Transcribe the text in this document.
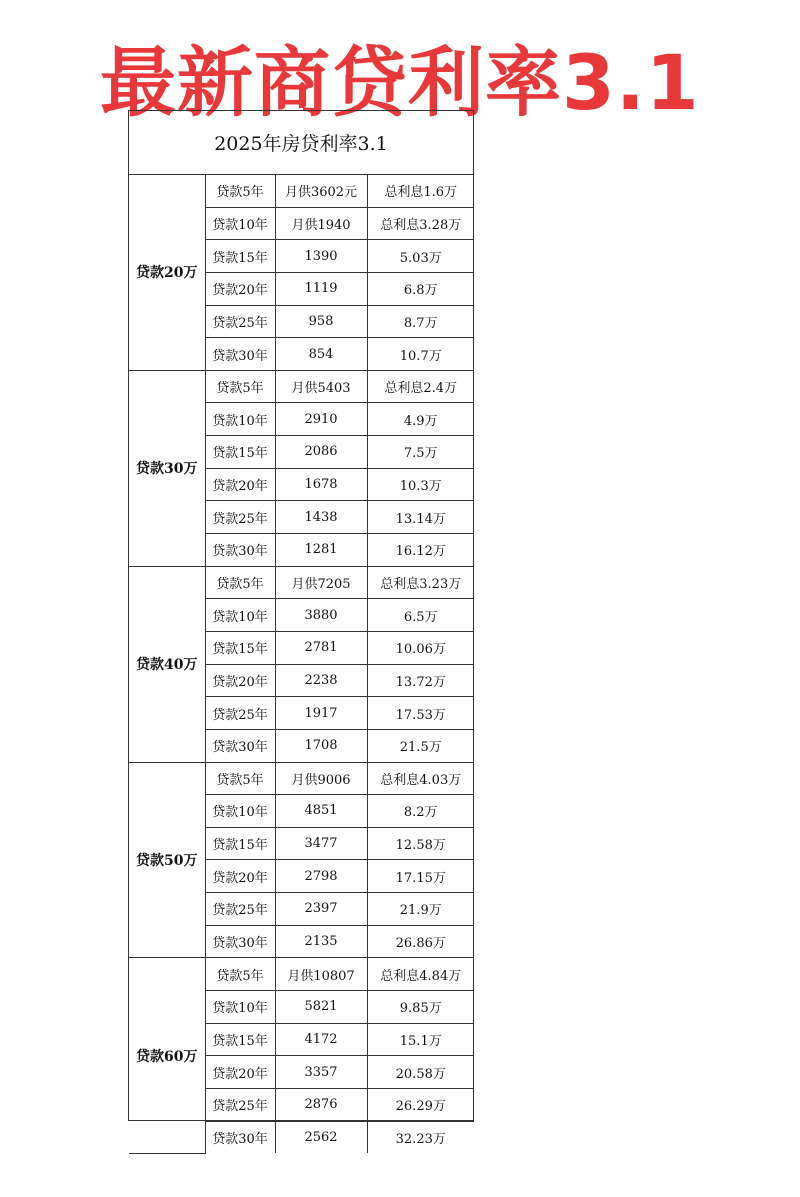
最新商贷利率3.1
2025年房贷利率3.1
贷款20万	贷款5年	月供3602元	总利息1.6万
	贷款10年	月供1940	总利息3.28万
	贷款15年	1390	5.03万
	贷款20年	1119	6.8万
	贷款25年	958	8.7万
	贷款30年	854	10.7万
贷款30万	贷款5年	月供5403	总利息2.4万
	贷款10年	2910	4.9万
	贷款15年	2086	7.5万
	贷款20年	1678	10.3万
	贷款25年	1438	13.14万
	贷款30年	1281	16.12万
贷款40万	贷款5年	月供7205	总利息3.23万
	贷款10年	3880	6.5万
	贷款15年	2781	10.06万
	贷款20年	2238	13.72万
	贷款25年	1917	17.53万
	贷款30年	1708	21.5万
贷款50万	贷款5年	月供9006	总利息4.03万
	贷款10年	4851	8.2万
	贷款15年	3477	12.58万
	贷款20年	2798	17.15万
	贷款25年	2397	21.9万
	贷款30年	2135	26.86万
贷款60万	贷款5年	月供10807	总利息4.84万
	贷款10年	5821	9.85万
	贷款15年	4172	15.1万
	贷款20年	3357	20.58万
	贷款25年	2876	26.29万
	贷款30年	2562	32.23万
